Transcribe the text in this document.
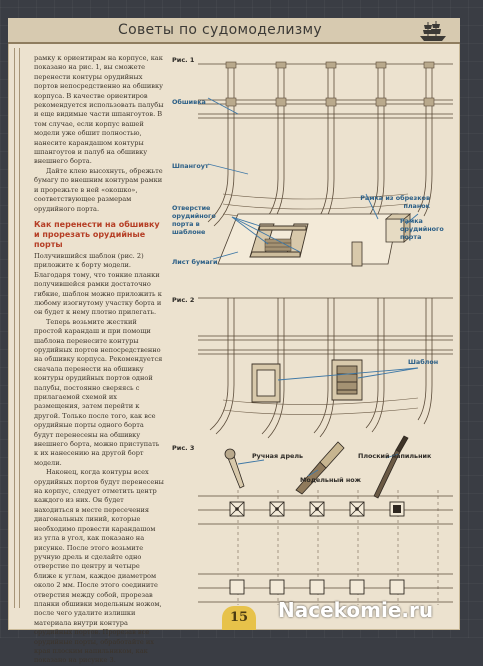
Советы по судомоделизму

рамку к ориентирам на корпусе, как показано на рис. 1, вы сможете перенести контуры орудийных портов непосредственно на обшивку корпуса. В качестве ориентиров рекомендуется использовать палубы и еще видимые части шпангоутов. В том случае, если корпус вашей модели уже обшит полностью, нанесите карандашом контуры шпангоутов и палуб на обшивку внешнего борта.

Дайте клею высохнуть, обрежьте бумагу по внешним контурам рамки и прорежьте в ней «окошко», соответствующее размерам орудийного порта.

Как перенести на обшивку и прорезать орудийные порты

Получившийся шаблон (рис. 2) приложите к борту модели. Благодаря тому, что тонкие планки получившейся рамки достаточно гибкие, шаблон можно приложить к любому изогнутому участку борта и он будет к нему плотно прилегать.

Теперь возьмите жесткий простой карандаш и при помощи шаблона перенесите контуры орудийных портов непосредственно на обшивку корпуса. Рекомендуется сначала перенести на обшивку контуры орудийных портов одной палубы, постоянно сверяясь с прилагаемой схемой их размещения, затем перейти к другой. Только после того, как все орудийные порты одного борта будут перенесены на обшивку внешнего борта, можно приступать к их нанесению на другой борт модели.

Наконец, когда контуры всех орудийных портов будут перенесены на корпус, следует отметить центр каждого из них. Он будет находиться в месте пересечения диагональных линий, которые необходимо провести карандашом из угла в угол, как показано на рисунке. После этого возьмите ручную дрель и сделайте одно отверстие по центру и четыре ближе к углам, каждое диаметром около 2 мм. После этого соедините отверстия между собой, прорезав планки обшивки модельным ножом, после чего удалите излишки материала внутри контура орудийных портов. Прорезав все орудийные порты, обработайте их края плоским напильником, как показано на рисунке 3.

Рис. 1
Обшивка
Шпангоут
Отверстие орудийного порта в шаблоне
Рамка из обрезков планок
Рамка орудийного порта
Лист бумаги
Рис. 2
Шаблон
Рис. 3
Ручная дрель	Плоский напильник
Модельный нож
15	Nacekomie.ru
